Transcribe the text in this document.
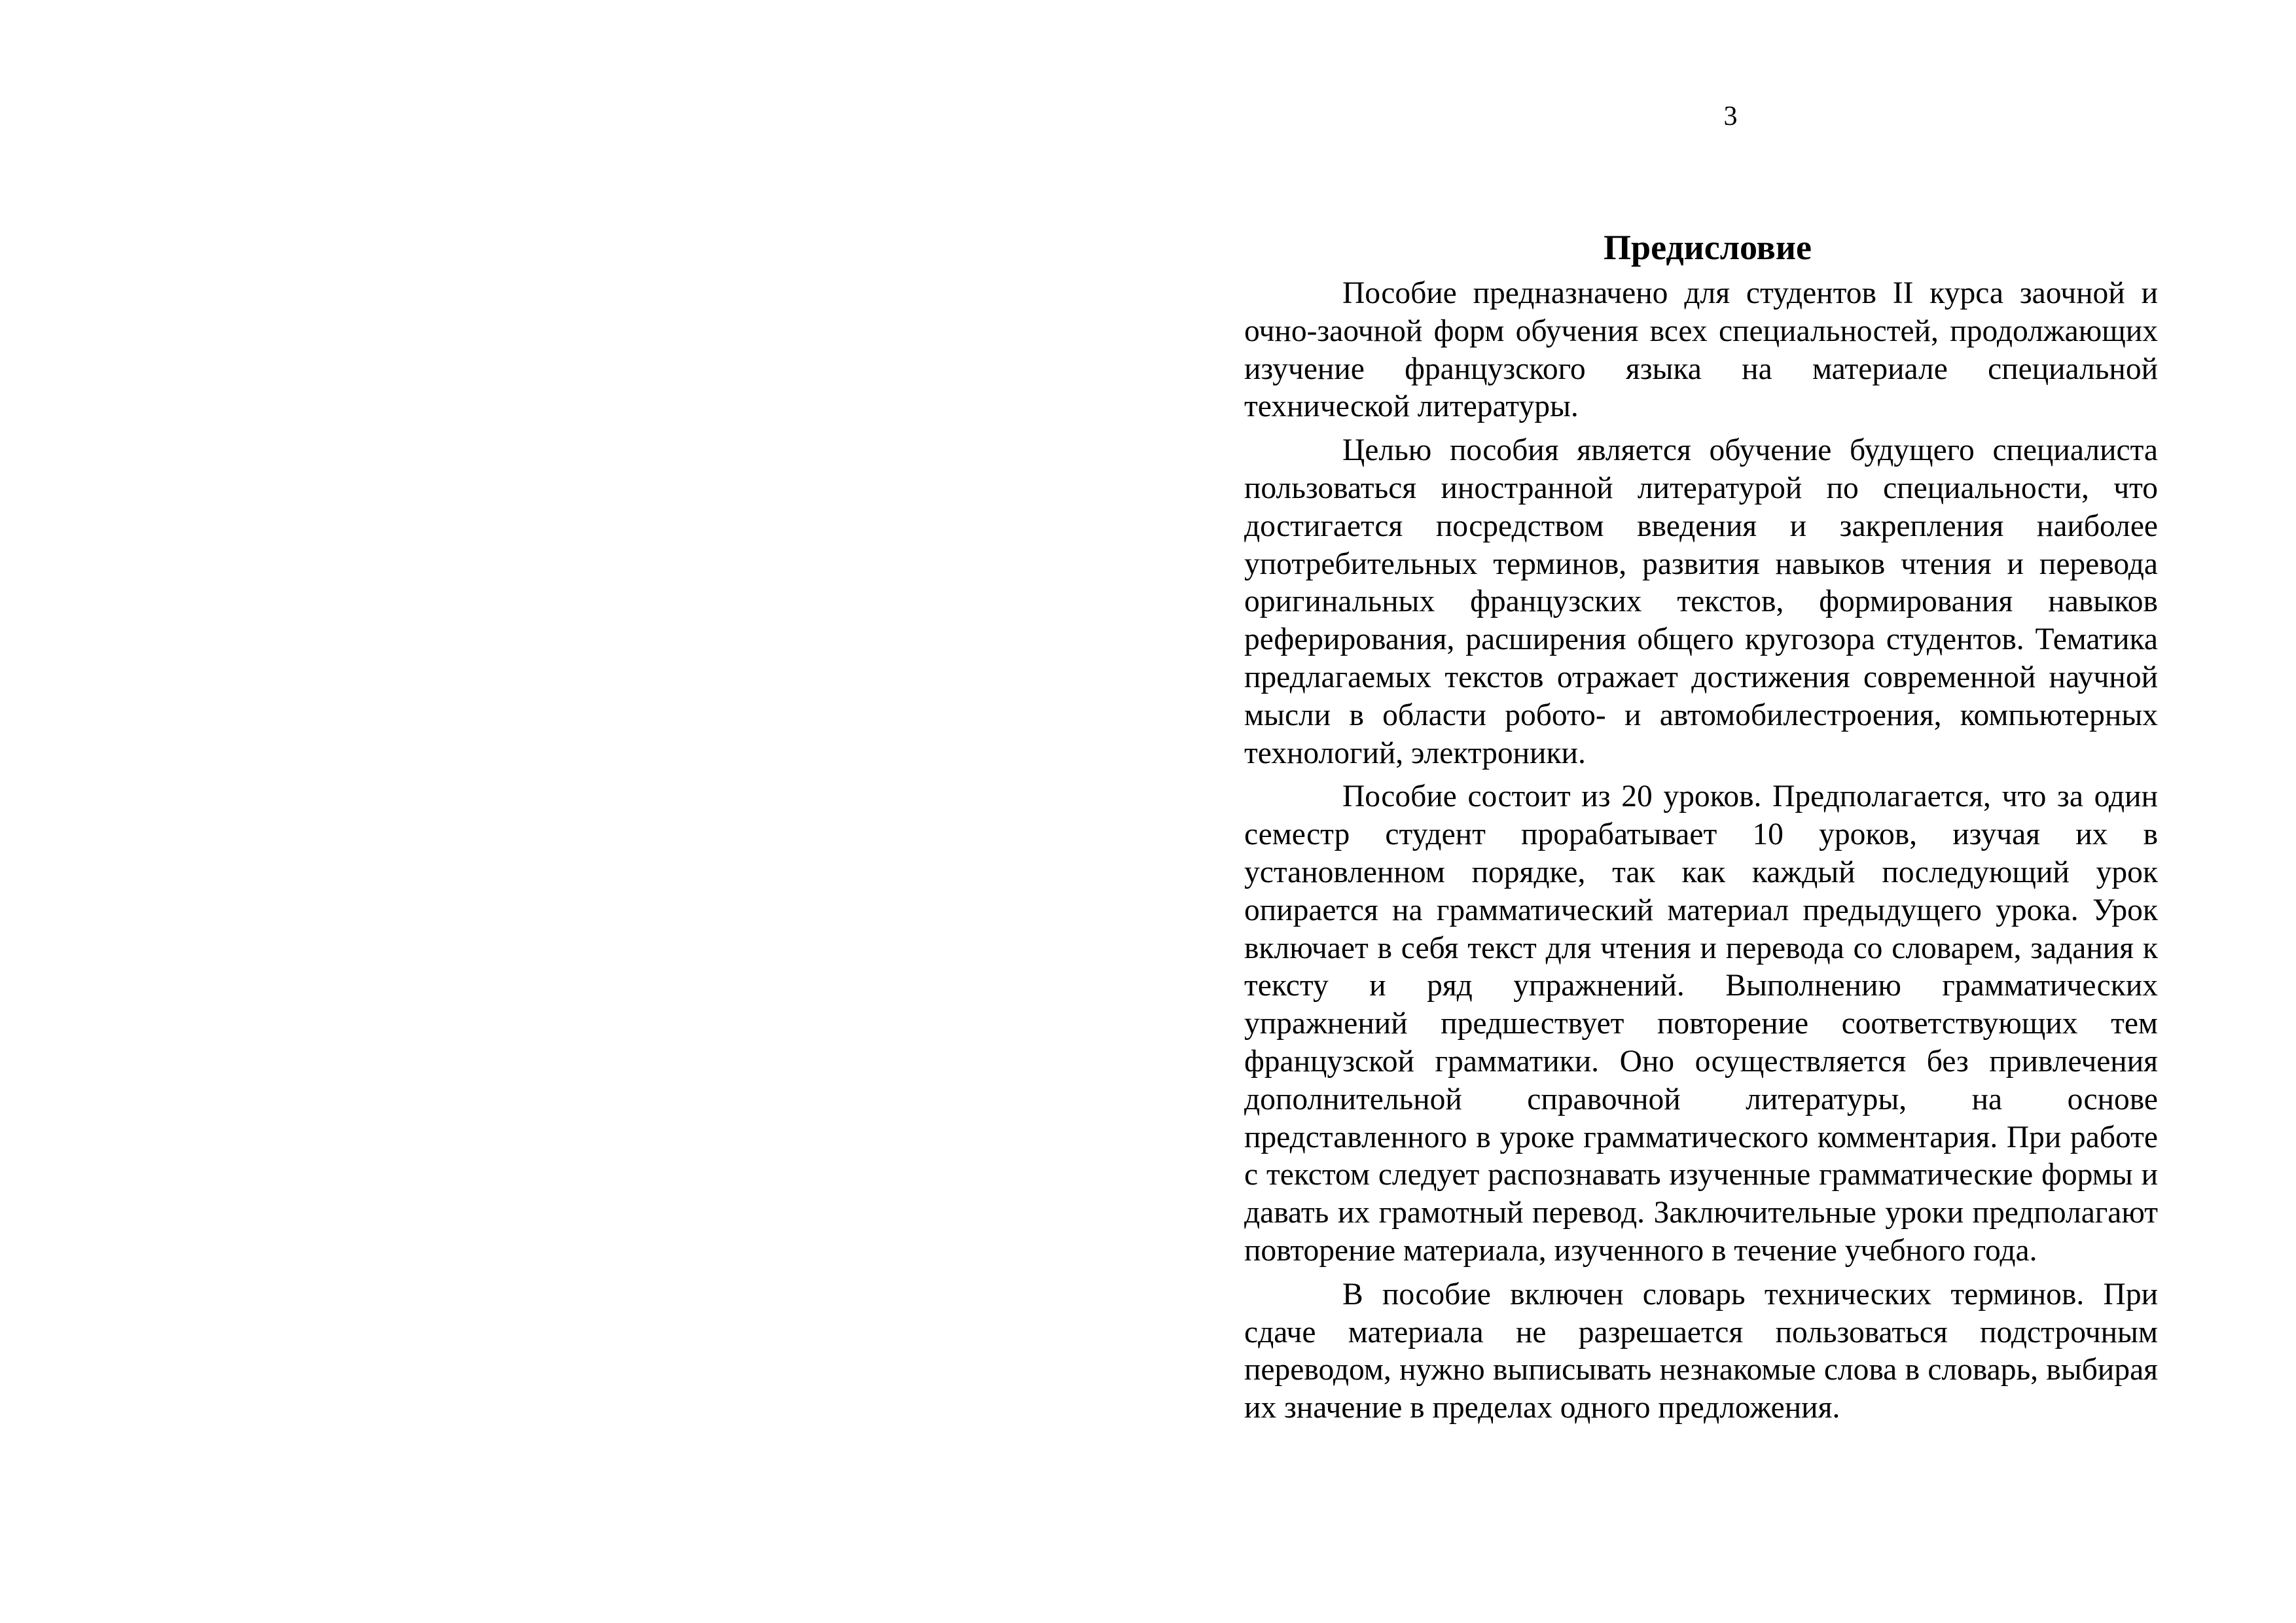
3
Предисловие

Пособие предназначено для студентов II курса заочной и очно-заочной форм обучения всех специальностей, продолжающих изучение французского языка на материале специальной технической литературы.

Целью пособия является обучение будущего специалиста пользоваться иностранной литературой по специальности, что достигается посредством введения и закрепления наиболее употребительных терминов, развития навыков чтения и перевода оригинальных французских текстов, формирования навыков реферирования, расширения общего кругозора студентов. Тематика предлагаемых текстов отражает достижения современной научной мысли в области робото- и автомобилестроения, компьютерных технологий, электроники.

Пособие состоит из 20 уроков. Предполагается, что за один семестр студент прорабатывает 10 уроков, изучая их в установленном порядке, так как каждый последующий урок опирается на грамматический материал предыдущего урока. Урок включает в себя текст для чтения и перевода со словарем, задания к тексту и ряд упражнений. Выполнению грамматических упражнений предшествует повторение соответствующих тем французской грамматики. Оно осуществляется без привлечения дополнительной справочной литературы, на основе представленного в уроке грамматического комментария. При работе с текстом следует распознавать изученные грамматические формы и давать их грамотный перевод. Заключительные уроки предполагают повторение материала, изученного в течение учебного года.

В пособие включен словарь технических терминов. При сдаче материала не разрешается пользоваться подстрочным переводом, нужно выписывать незнакомые слова в словарь, выбирая их значение в пределах одного предложения.
